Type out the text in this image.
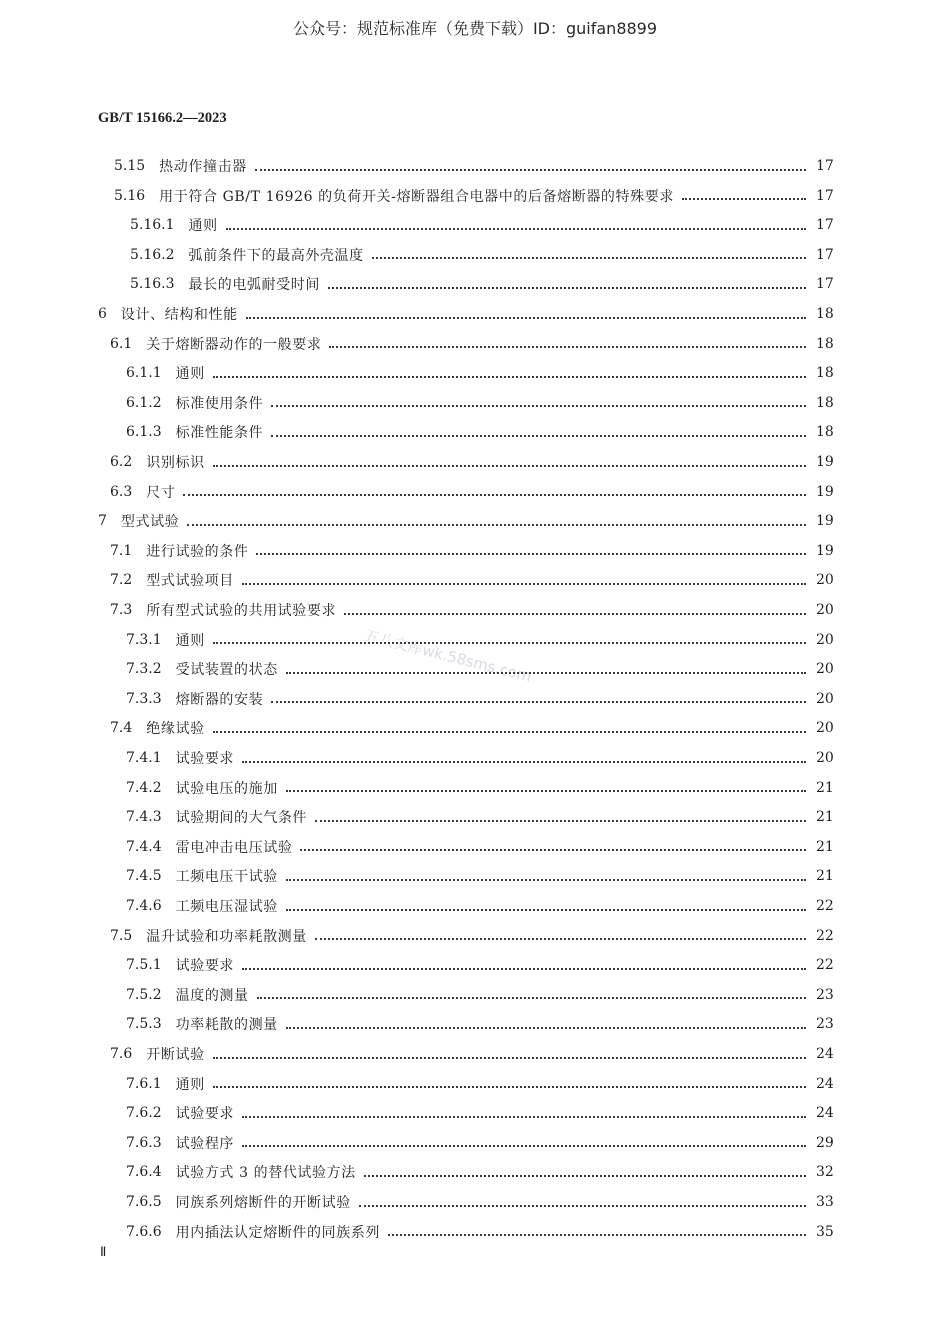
公众号：规范标准库（免费下载）ID：guifan8899
GB/T 15166.2—2023
五八文库wk.58sms.com
5.15 热动作撞击器	17
5.16 用于符合 GB/T 16926 的负荷开关-熔断器组合电器中的后备熔断器的特殊要求	17
5.16.1 通则	17
5.16.2 弧前条件下的最高外壳温度	17
5.16.3 最长的电弧耐受时间	17
6 设计、结构和性能	18
6.1 关于熔断器动作的一般要求	18
6.1.1 通则	18
6.1.2 标准使用条件	18
6.1.3 标准性能条件	18
6.2 识别标识	19
6.3 尺寸	19
7 型式试验	19
7.1 进行试验的条件	19
7.2 型式试验项目	20
7.3 所有型式试验的共用试验要求	20
7.3.1 通则	20
7.3.2 受试装置的状态	20
7.3.3 熔断器的安装	20
7.4 绝缘试验	20
7.4.1 试验要求	20
7.4.2 试验电压的施加	21
7.4.3 试验期间的大气条件	21
7.4.4 雷电冲击电压试验	21
7.4.5 工频电压干试验	21
7.4.6 工频电压湿试验	22
7.5 温升试验和功率耗散测量	22
7.5.1 试验要求	22
7.5.2 温度的测量	23
7.5.3 功率耗散的测量	23
7.6 开断试验	24
7.6.1 通则	24
7.6.2 试验要求	24
7.6.3 试验程序	29
7.6.4 试验方式 3 的替代试验方法	32
7.6.5 同族系列熔断件的开断试验	33
7.6.6 用内插法认定熔断件的同族系列	35
Ⅱ
